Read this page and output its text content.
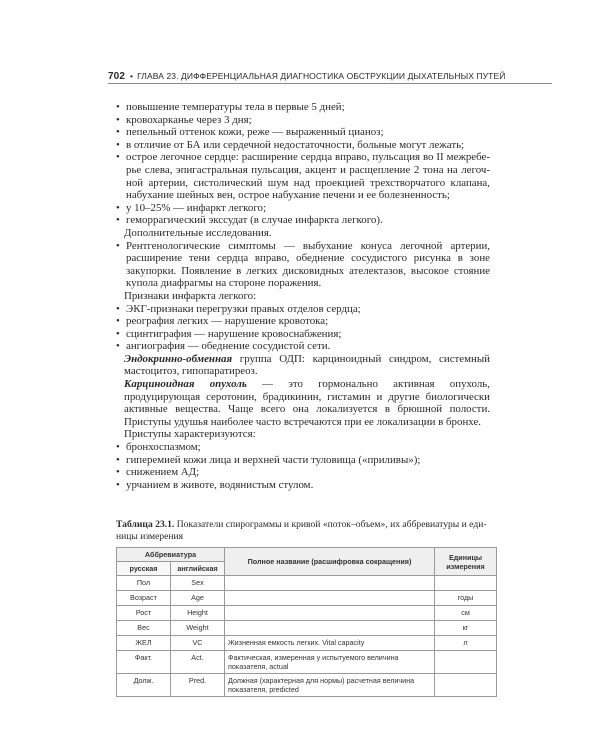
702 • ГЛАВА 23. ДИФФЕРЕНЦИАЛЬНАЯ ДИАГНОСТИКА ОБСТРУКЦИИ ДЫХАТЕЛЬНЫХ ПУТЕЙ
• повышение температуры тела в первые 5 дней;
• кровохарканье через 3 дня;
• пепельный оттенок кожи, реже — выраженный цианоз;
• в отличие от БА или сердечной недостаточности, больные могут лежать;
• острое легочное сердце: расширение сердца вправо, пульсация во II межреберье слева, эпигастральная пульсация, акцент и расщепление 2 тона на легочной артерии, систолический шум над проекцией трехстворчатого клапана, набухание шейных вен, острое набухание печени и ее болезненность;
• у 10–25% — инфаркт легкого;
• геморрагический экссудат (в случае инфаркта легкого).

Дополнительные исследования.

• Рентгенологические симптомы — выбухание конуса легочной артерии, расширение тени сердца вправо, обеднение сосудистого рисунка в зоне закупорки. Появление в легких дисковидных ателектазов, высокое стояние купола диафрагмы на стороне поражения.

Признаки инфаркта легкого:

• ЭКГ-признаки перегрузки правых отделов сердца;
• реография легких — нарушение кровотока;
• сцинтиграфия — нарушение кровоснабжения;
• ангиография — обеднение сосудистой сети.

Эндокринно-обменная группа ОДП: карциноидный синдром, системный мастоцитоз, гипопаратиреоз.

Карциноидная опухоль — это гормонально активная опухоль, продуцирующая серотонин, брадикинин, гистамин и другие биологически активные вещества. Чаще всего она локализуется в брюшной полости. Приступы удушья наиболее часто встречаются при ее локализации в бронхе.

Приступы характеризуются:

• бронхоспазмом;
• гиперемией кожи лица и верхней части туловища («приливы»);
• снижением АД;
• урчанием в животе, водянистым стулом.
Таблица 23.1. Показатели спирограммы и кривой «поток–объем», их аббревиатуры и единицы измерения
Аббревиатура		Полное название (расшифровка сокращения)	Единицы измерения
русская	английская		
Пол	Sex		
Возраст	Age		годы
Рост	Height		см
Вес	Weight		кг
ЖЕЛ	VC	Жизненная емкость легких. Vital capacity	л
Факт.	Act.	Фактическая, измеренная у испытуемого величина показателя, actual	
Долж.	Pred.	Должная (характерная для нормы) расчетная величина показателя, predicted	
